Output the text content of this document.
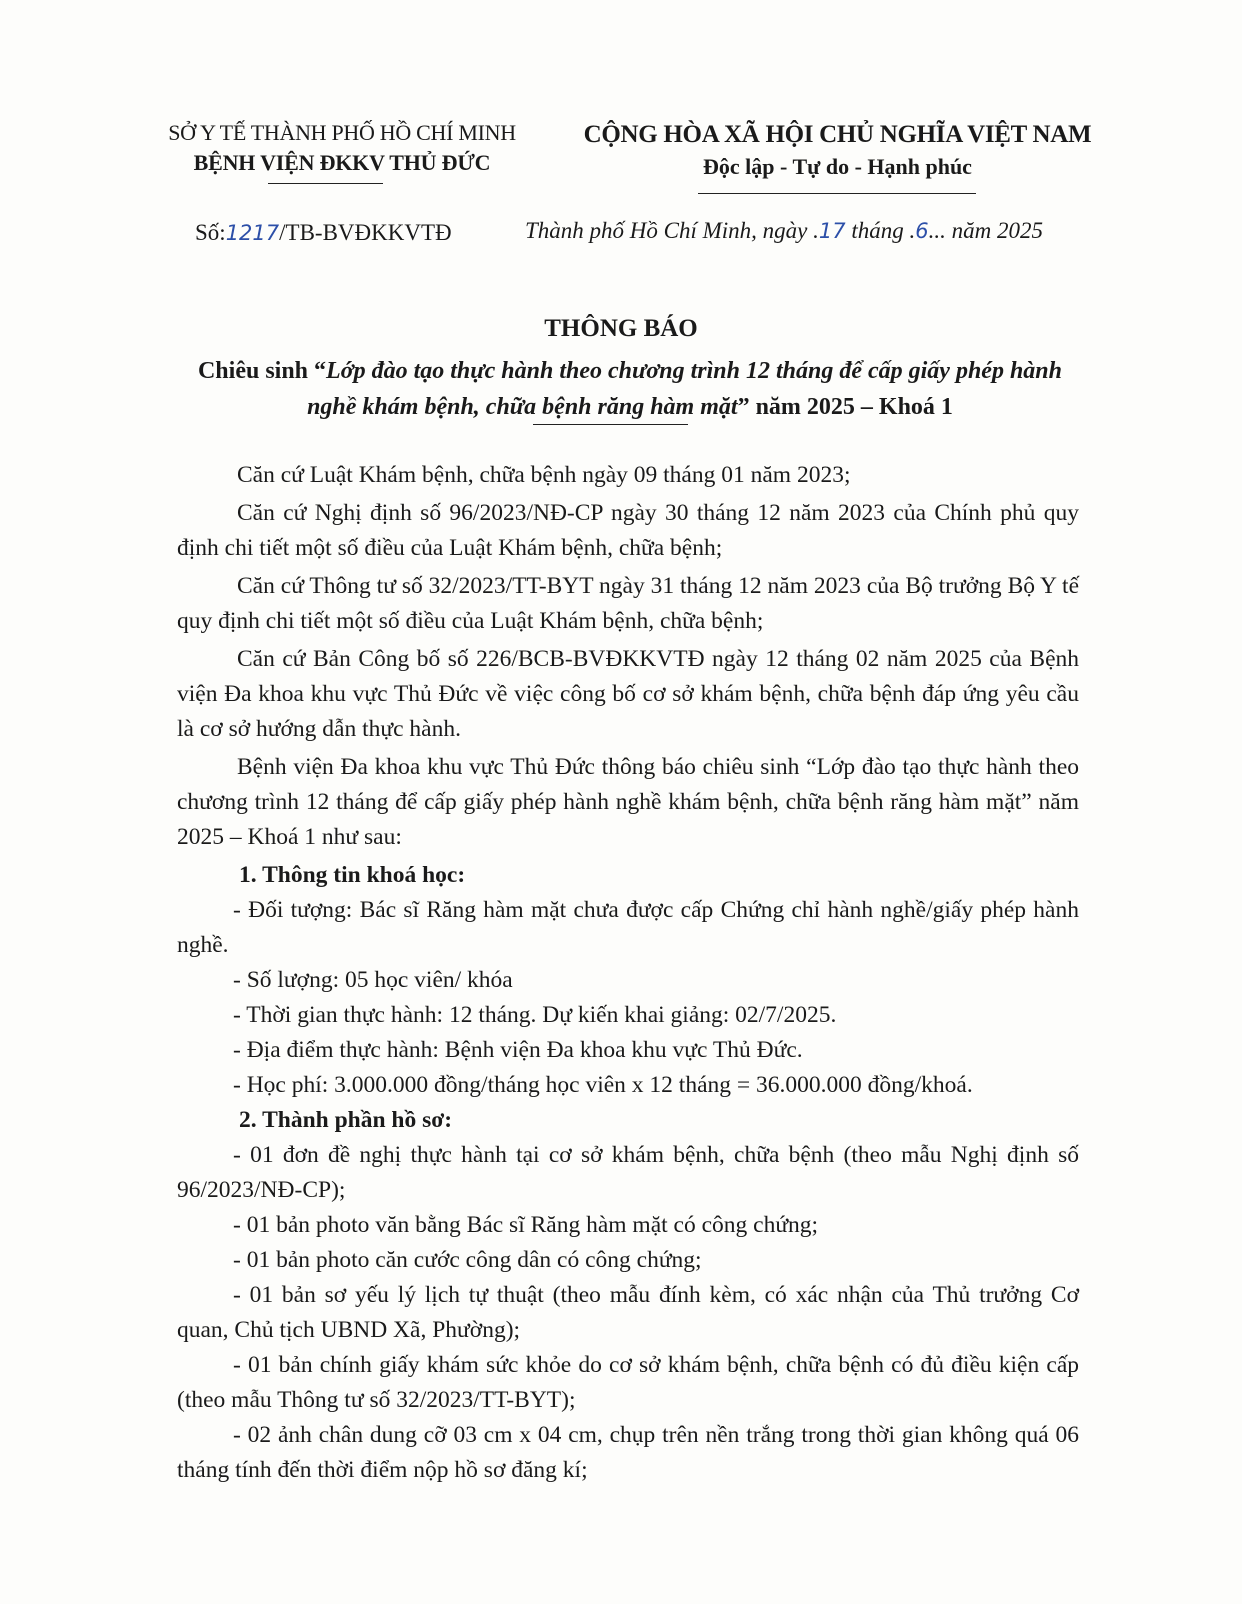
SỞ Y TẾ THÀNH PHỐ HỒ CHÍ MINH
BỆNH VIỆN ĐKKV THỦ ĐỨC
CỘNG HÒA XÃ HỘI CHỦ NGHĨA VIỆT NAM
Độc lập - Tự do - Hạnh phúc
Số:1217/TB-BVĐKKVTĐ	Thành phố Hồ Chí Minh, ngày .17 tháng .6... năm 2025
THÔNG BÁO
Chiêu sinh “Lớp đào tạo thực hành theo chương trình 12 tháng để cấp giấy phép hành nghề khám bệnh, chữa bệnh răng hàm mặt” năm 2025 – Khoá 1

Căn cứ Luật Khám bệnh, chữa bệnh ngày 09 tháng 01 năm 2023;

Căn cứ Nghị định số 96/2023/NĐ-CP ngày 30 tháng 12 năm 2023 của Chính phủ quy định chi tiết một số điều của Luật Khám bệnh, chữa bệnh;

Căn cứ Thông tư số 32/2023/TT-BYT ngày 31 tháng 12 năm 2023 của Bộ trưởng Bộ Y tế quy định chi tiết một số điều của Luật Khám bệnh, chữa bệnh;

Căn cứ Bản Công bố số 226/BCB-BVĐKKVTĐ ngày 12 tháng 02 năm 2025 của Bệnh viện Đa khoa khu vực Thủ Đức về việc công bố cơ sở khám bệnh, chữa bệnh đáp ứng yêu cầu là cơ sở hướng dẫn thực hành.

Bệnh viện Đa khoa khu vực Thủ Đức thông báo chiêu sinh “Lớp đào tạo thực hành theo chương trình 12 tháng để cấp giấy phép hành nghề khám bệnh, chữa bệnh răng hàm mặt” năm 2025 – Khoá 1 như sau:

1. Thông tin khoá học:

- Đối tượng: Bác sĩ Răng hàm mặt chưa được cấp Chứng chỉ hành nghề/giấy phép hành nghề.

- Số lượng: 05 học viên/ khóa

- Thời gian thực hành: 12 tháng. Dự kiến khai giảng: 02/7/2025.

- Địa điểm thực hành: Bệnh viện Đa khoa khu vực Thủ Đức.

- Học phí: 3.000.000 đồng/tháng học viên x 12 tháng = 36.000.000 đồng/khoá.

2. Thành phần hồ sơ:

- 01 đơn đề nghị thực hành tại cơ sở khám bệnh, chữa bệnh (theo mẫu Nghị định số 96/2023/NĐ-CP);

- 01 bản photo văn bằng Bác sĩ Răng hàm mặt có công chứng;

- 01 bản photo căn cước công dân có công chứng;

- 01 bản sơ yếu lý lịch tự thuật (theo mẫu đính kèm, có xác nhận của Thủ trưởng Cơ quan, Chủ tịch UBND Xã, Phường);

- 01 bản chính giấy khám sức khỏe do cơ sở khám bệnh, chữa bệnh có đủ điều kiện cấp (theo mẫu Thông tư số 32/2023/TT-BYT);

- 02 ảnh chân dung cỡ 03 cm x 04 cm, chụp trên nền trắng trong thời gian không quá 06 tháng tính đến thời điểm nộp hồ sơ đăng kí;
